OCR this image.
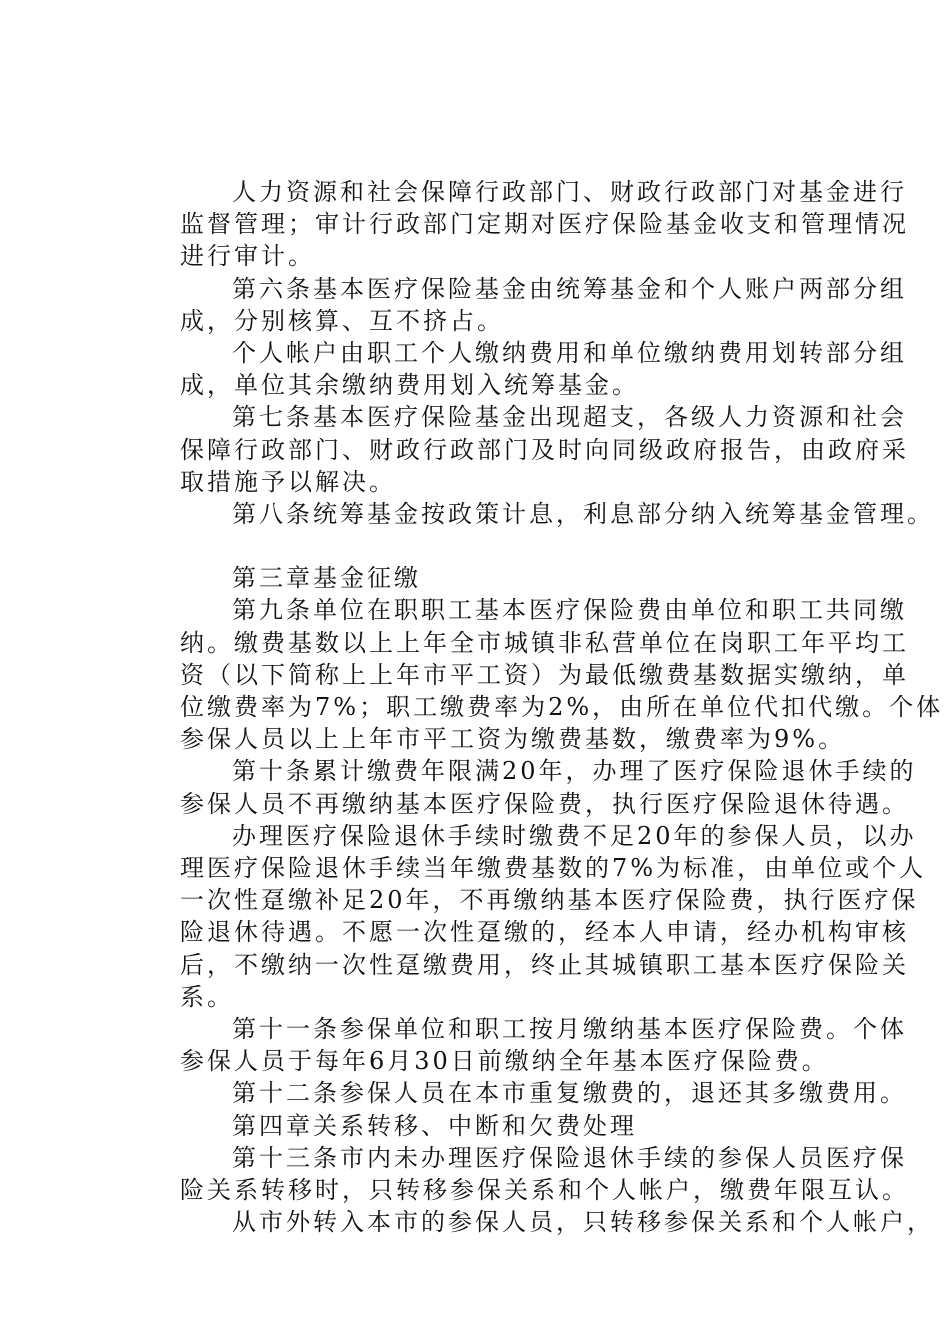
人力资源和社会保障行政部门、财政行政部门对基金进行
监督管理；审计行政部门定期对医疗保险基金收支和管理情况
进行审计。
第六条基本医疗保险基金由统筹基金和个人账户两部分组
成，分别核算、互不挤占。
个人帐户由职工个人缴纳费用和单位缴纳费用划转部分组
成，单位其余缴纳费用划入统筹基金。
第七条基本医疗保险基金出现超支，各级人力资源和社会
保障行政部门、财政行政部门及时向同级政府报告，由政府采
取措施予以解决。
第八条统筹基金按政策计息，利息部分纳入统筹基金管理。
第三章基金征缴
第九条单位在职职工基本医疗保险费由单位和职工共同缴
纳。缴费基数以上上年全市城镇非私营单位在岗职工年平均工
资（以下简称上上年市平工资）为最低缴费基数据实缴纳，单
位缴费率为7%；职工缴费率为2%，由所在单位代扣代缴。个体
参保人员以上上年市平工资为缴费基数，缴费率为9%。
第十条累计缴费年限满20年，办理了医疗保险退休手续的
参保人员不再缴纳基本医疗保险费，执行医疗保险退休待遇。
办理医疗保险退休手续时缴费不足20年的参保人员，以办
理医疗保险退休手续当年缴费基数的7%为标准，由单位或个人
一次性趸缴补足20年，不再缴纳基本医疗保险费，执行医疗保
险退休待遇。不愿一次性趸缴的，经本人申请，经办机构审核
后，不缴纳一次性趸缴费用，终止其城镇职工基本医疗保险关
系。
第十一条参保单位和职工按月缴纳基本医疗保险费。个体
参保人员于每年6月30日前缴纳全年基本医疗保险费。
第十二条参保人员在本市重复缴费的，退还其多缴费用。
第四章关系转移、中断和欠费处理
第十三条市内未办理医疗保险退休手续的参保人员医疗保
险关系转移时，只转移参保关系和个人帐户，缴费年限互认。
从市外转入本市的参保人员，只转移参保关系和个人帐户，
